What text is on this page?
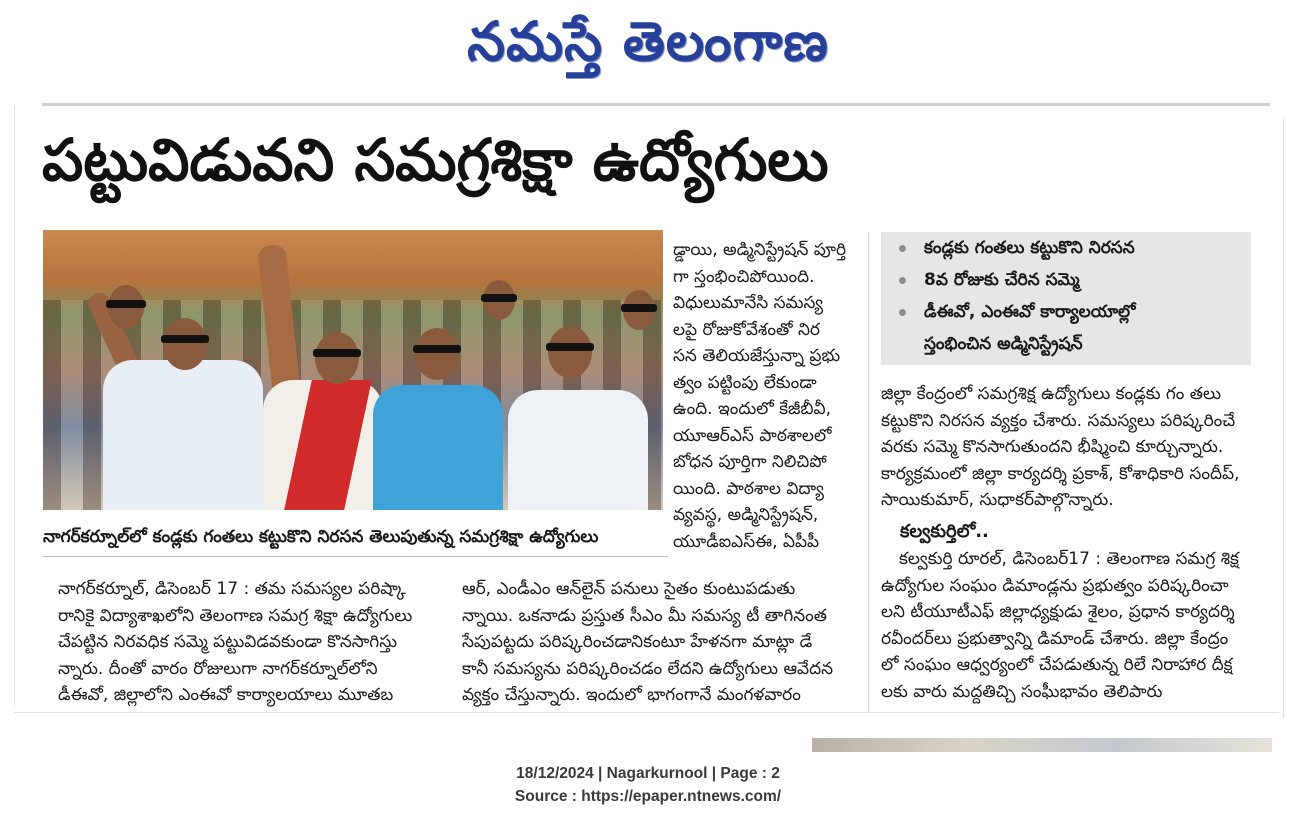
నమస్తే తెలంగాణ
పట్టువిడువని సమగ్రశిక్షా ఉద్యోగులు
నాగర్‌కర్నూల్‌లో కండ్లకు గంతలు కట్టుకొని నిరసన తెలుపుతున్న సమగ్రశిక్షా ఉద్యోగులు
డ్డాయి, అడ్మినిస్ట్రేషన్ పూర్తి
గా స్తంభించిపోయింది.
విధులుమానేసి సమస్య
లపై రోజుకోవేశంతో నిర
సన తెలియజేస్తున్నా ప్రభు
త్వం పట్టింపు లేకుండా
ఉంది. ఇందులో కేజీబీవీ,
యూఆర్ఎస్ పాఠశాలలో
బోధన పూర్తిగా నిలిచిపో
యింది. పాఠశాల విద్యా
వ్యవస్థ, అడ్మినిస్ట్రేషన్,
యూడీఐఎస్ఈ, ఏపీపీ
నాగర్‌కర్నూల్, డిసెంబర్ 17 : తమ సమస్యల పరిష్కా
రానికై విద్యాశాఖలోని తెలంగాణ సమగ్ర శిక్షా ఉద్యోగులు
చేపట్టిన నిరవధిక సమ్మె పట్టువిడవకుండా కొనసాగిస్తు
న్నారు. దీంతో వారం రోజులుగా నాగర్‌కర్నూల్‌లోని
డీఈవో, జిల్లాలోని ఎంఈవో కార్యాలయాలు మూతబ
ఆర్, ఎండీఎం ఆన్‌లైన్ పనులు సైతం కుంటుపడుతు
న్నాయి. ఒకనాడు ప్రస్తుత సీఎం మీ సమస్య టీ తాగినంత
సేపుపట్టదు పరిష్కరించడానికంటూ హేళనగా మాట్లా డే
కానీ సమస్యను పరిష్కరించడం లేదని ఉద్యోగులు ఆవేదన
వ్యక్తం చేస్తున్నారు. ఇందులో భాగంగానే మంగళవారం
కండ్లకు గంతలు కట్టుకొని నిరసన
8వ రోజుకు చేరిన సమ్మె
డీఈవో, ఎంఈవో కార్యాలయాల్లో
స్తంభించిన అడ్మినిస్ట్రేషన్
జిల్లా కేంద్రంలో సమగ్రశిక్ష ఉద్యోగులు కండ్లకు గం తలు
కట్టుకొని నిరసన వ్యక్తం చేశారు. సమస్యలు పరిష్కరించే
వరకు సమ్మె కొనసాగుతుందని భీష్మించి కూర్చున్నారు.
కార్యక్రమంలో జిల్లా కార్యదర్శి ప్రకాశ్, కోశాధికారి సందీప్,
సాయికుమార్, సుధాకర్‌పాల్గొన్నారు.
కల్వకుర్తిలో..
కల్వకుర్తి రూరల్, డిసెంబర్17 : తెలంగాణ సమగ్ర శిక్ష
ఉద్యోగుల సంఘం డిమాండ్లను ప్రభుత్వం పరిష్కరించా
లని టీయూటీఎఫ్ జిల్లాధ్యక్షుడు శైలం, ప్రధాన కార్యదర్శి
రవీందర్‌లు ప్రభుత్వాన్ని డిమాండ్ చేశారు. జిల్లా కేంద్రం
లో సంఘం ఆధ్వర్యంలో చేపడుతున్న రిలే నిరాహార దీక్ష
లకు వారు మద్దతిచ్చి సంఘీభావం తెలిపారు
18/12/2024 | Nagarkurnool | Page : 2
Source : https://epaper.ntnews.com/
